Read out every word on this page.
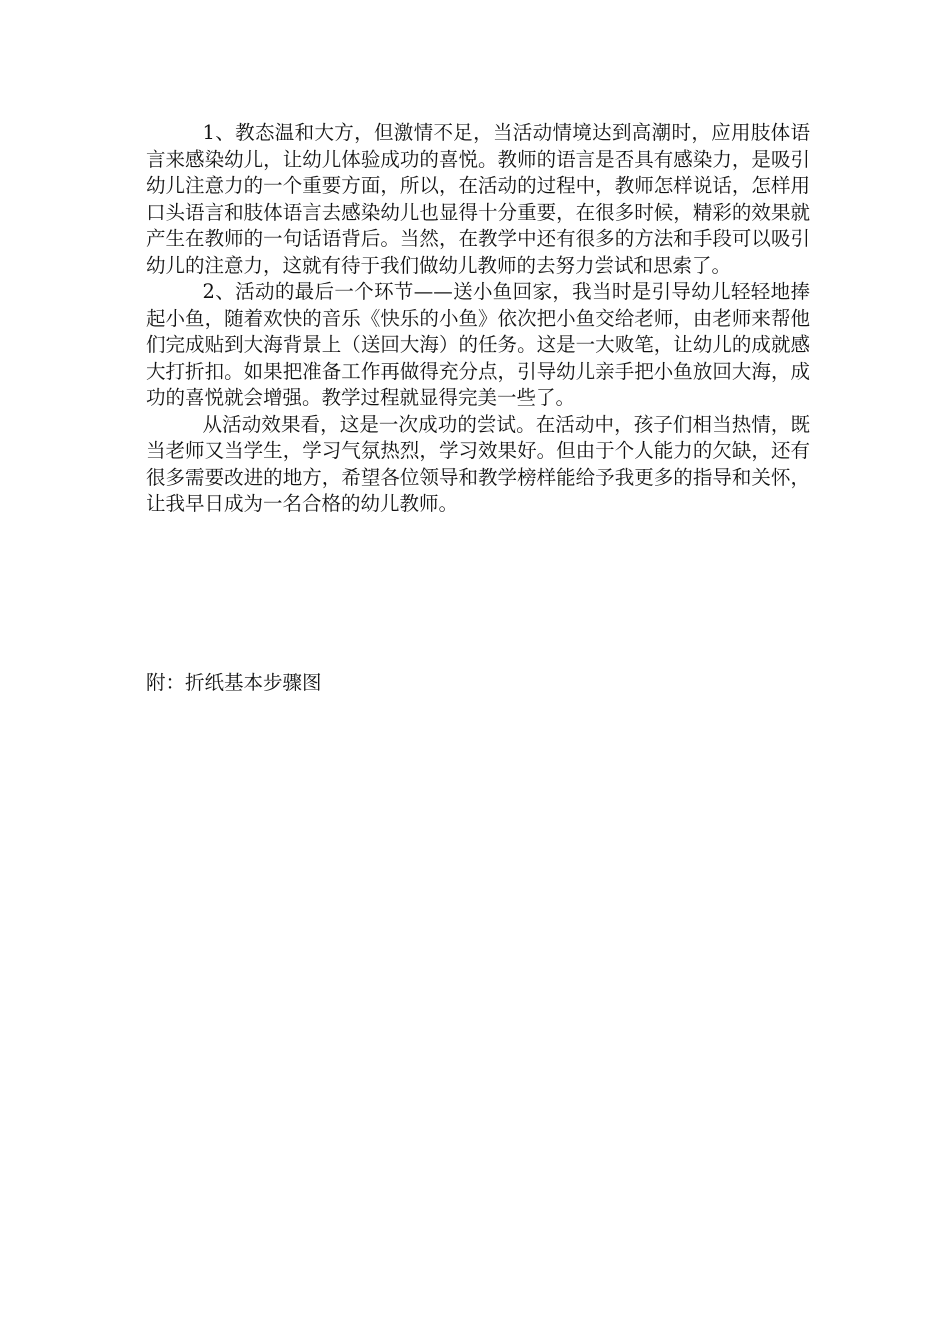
1、教态温和大方，但激情不足，当活动情境达到高潮时，应用肢体语言来感染幼儿，让幼儿体验成功的喜悦。教师的语言是否具有感染力，是吸引幼儿注意力的一个重要方面，所以，在活动的过程中，教师怎样说话，怎样用口头语言和肢体语言去感染幼儿也显得十分重要，在很多时候，精彩的效果就产生在教师的一句话语背后。当然，在教学中还有很多的方法和手段可以吸引幼儿的注意力，这就有待于我们做幼儿教师的去努力尝试和思索了。

2、活动的最后一个环节——送小鱼回家，我当时是引导幼儿轻轻地捧起小鱼，随着欢快的音乐《快乐的小鱼》依次把小鱼交给老师，由老师来帮他们完成贴到大海背景上（送回大海）的任务。这是一大败笔，让幼儿的成就感大打折扣。如果把准备工作再做得充分点，引导幼儿亲手把小鱼放回大海，成功的喜悦就会增强。教学过程就显得完美一些了。

从活动效果看，这是一次成功的尝试。在活动中，孩子们相当热情，既当老师又当学生，学习气氛热烈，学习效果好。但由于个人能力的欠缺，还有很多需要改进的地方，希望各位领导和教学榜样能给予我更多的指导和关怀，让我早日成为一名合格的幼儿教师。

附：折纸基本步骤图
